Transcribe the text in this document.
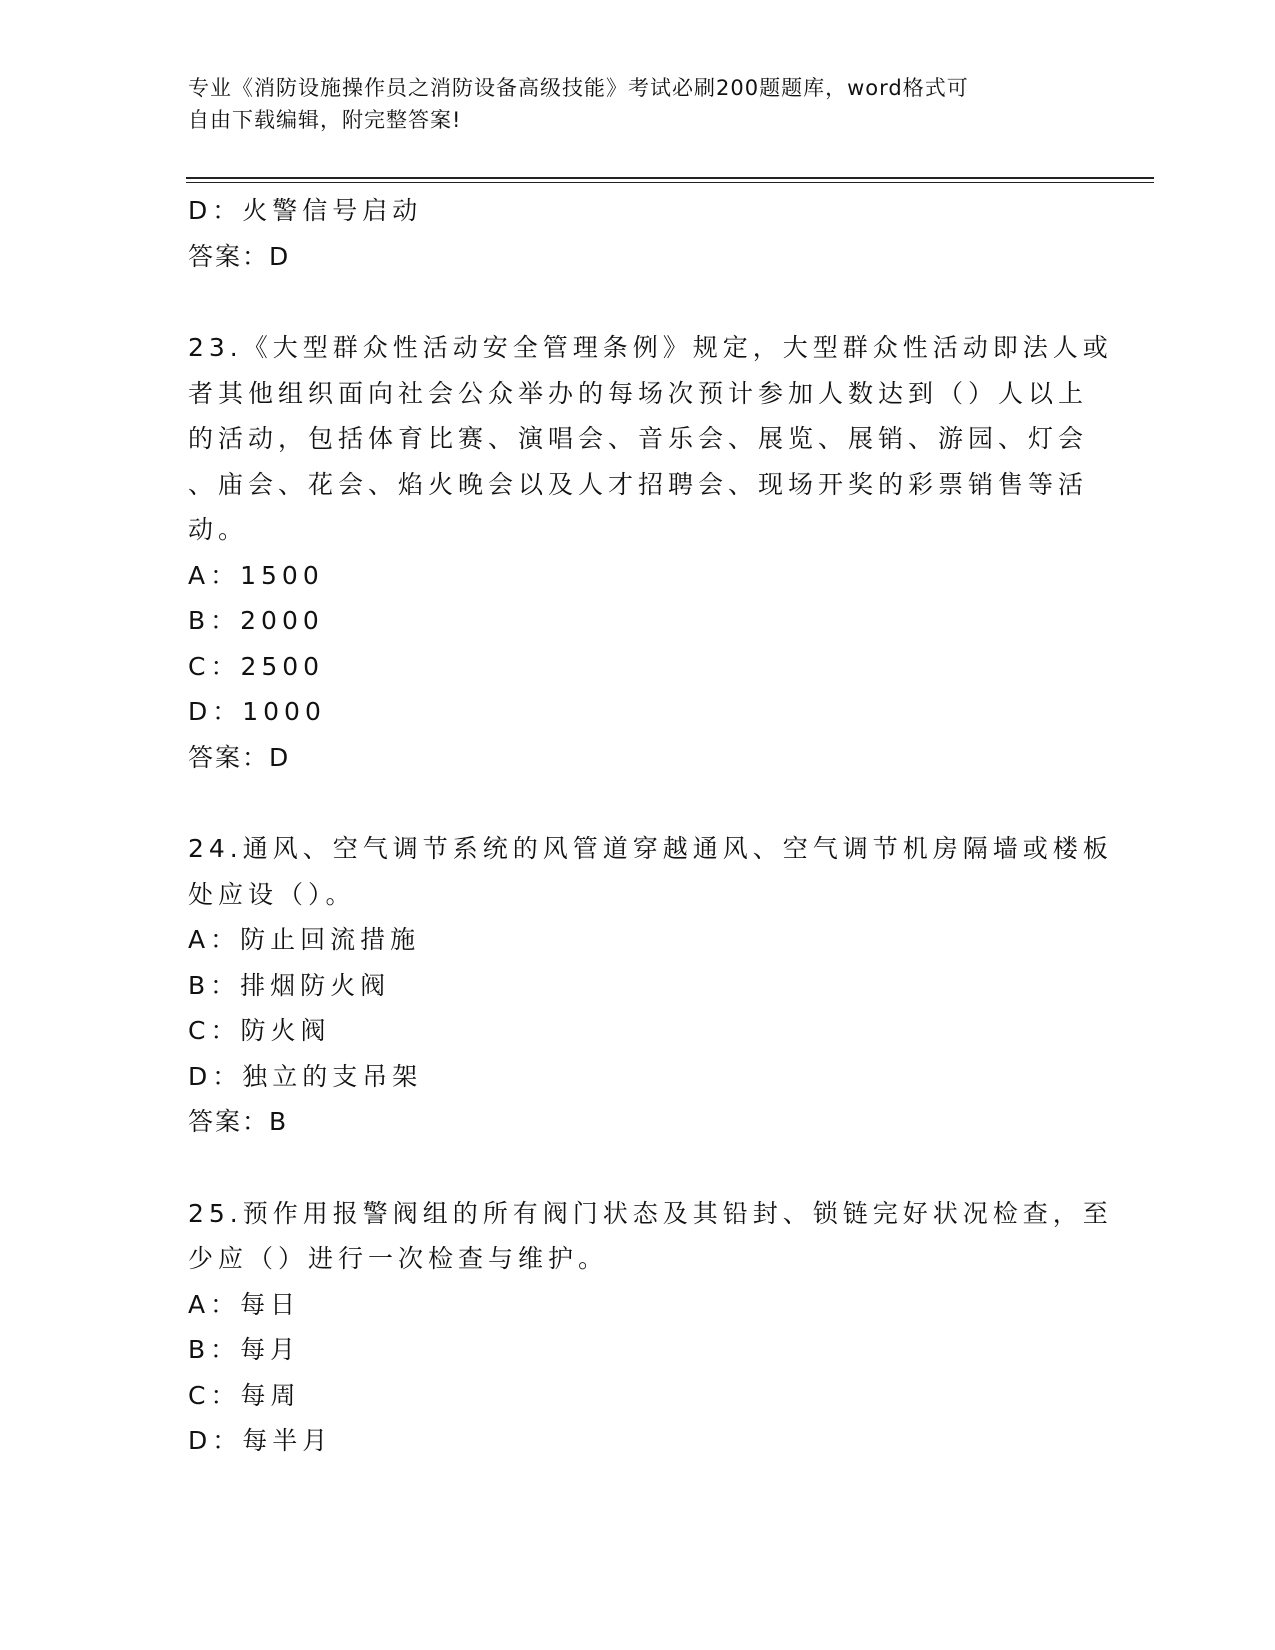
专业《消防设施操作员之消防设备高级技能》考试必刷200题题库，word格式可
自由下载编辑，附完整答案!
D：火警信号启动
答案：D
23.《大型群众性活动安全管理条例》规定，大型群众性活动即法人或
者其他组织面向社会公众举办的每场次预计参加人数达到（）人以上
的活动，包括体育比赛、演唱会、音乐会、展览、展销、游园、灯会
、庙会、花会、焰火晚会以及人才招聘会、现场开奖的彩票销售等活
动。
A：1500
B：2000
C：2500
D：1000
答案：D
24.通风、空气调节系统的风管道穿越通风、空气调节机房隔墙或楼板
处应设（）。
A：防止回流措施
B：排烟防火阀
C：防火阀
D：独立的支吊架
答案：B
25.预作用报警阀组的所有阀门状态及其铅封、锁链完好状况检查，至
少应（）进行一次检查与维护。
A：每日
B：每月
C：每周
D：每半月
